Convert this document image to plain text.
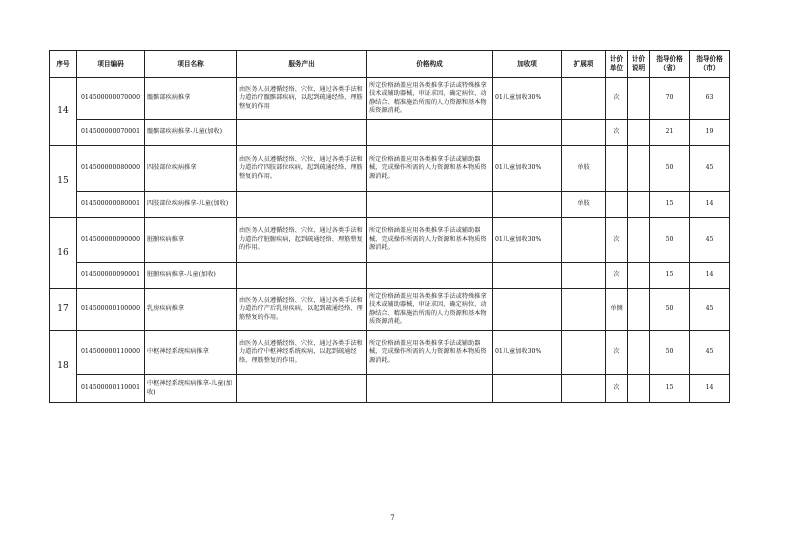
序号	项目编码	项目名称	服务产出	价格构成	加收项	扩展项	计价单位	计价说明	指导价格（省）	指导价格（市）
14	014500000070000	髋髌部疾病推拿	由医务人员遵循经络、穴位，通过各类手法和力道治疗髋髌部疾病，以起到疏通经络、理筋整复的作用	所定价格涵盖应用各类推拿手法或特殊推拿技术或辅助器械，审证求因、确定病位、动静结合、精准施治所需的人力资源和基本物质资源消耗。	01儿童加收30%		次		70	63
	014500000070001	髋髌部疾病推拿-儿童(加收)					次		21	19
15	014500000080000	四肢部位疾病推拿	由医务人员遵循经络、穴位，通过各类手法和力道治疗四肢部位疾病，起到疏通经络、理筋整复的作用。	所定价格涵盖应用各类推拿手法或辅助器械，完成操作所需的人力资源和基本物质资源消耗。	01儿童加收30%	单肢			50	45
	014500000080001	四肢部位疾病推拿-儿童(加收)				单肢			15	14
16	014500000090000	脏腑疾病推拿	由医务人员遵循经络、穴位，通过各类手法和力道治疗脏腑疾病，起到疏通经络、理筋整复的作用。	所定价格涵盖应用各类推拿手法或辅助器械，完成操作所需的人力资源和基本物质资源消耗。	01儿童加收30%		次		50	45
	014500000090001	脏腑疾病推拿-儿童(加收)					次		15	14
17	014500000100000	乳房疾病推拿	由医务人员遵循经络、穴位，通过各类手法和力道治疗产后乳房疾病，以起到疏通经络、理筋整复的作用。	所定价格涵盖应用各类推拿手法或特殊推拿技术或辅助器械，审证求因、确定病位、动静结合、精准施治所需的人力资源和基本物质资源消耗。			单侧		50	45
18	014500000110000	中枢神经系统疾病推拿	由医务人员遵循经络、穴位，通过各类手法和力道治疗中枢神经系统疾病，以起到疏通经络、理筋整复的作用。	所定价格涵盖应用各类推拿手法或辅助器械，完成操作所需的人力资源和基本物质资源消耗。	01儿童加收30%		次		50	45
	014500000110001	中枢神经系统疾病推拿-儿童(加收)					次		15	14
7
